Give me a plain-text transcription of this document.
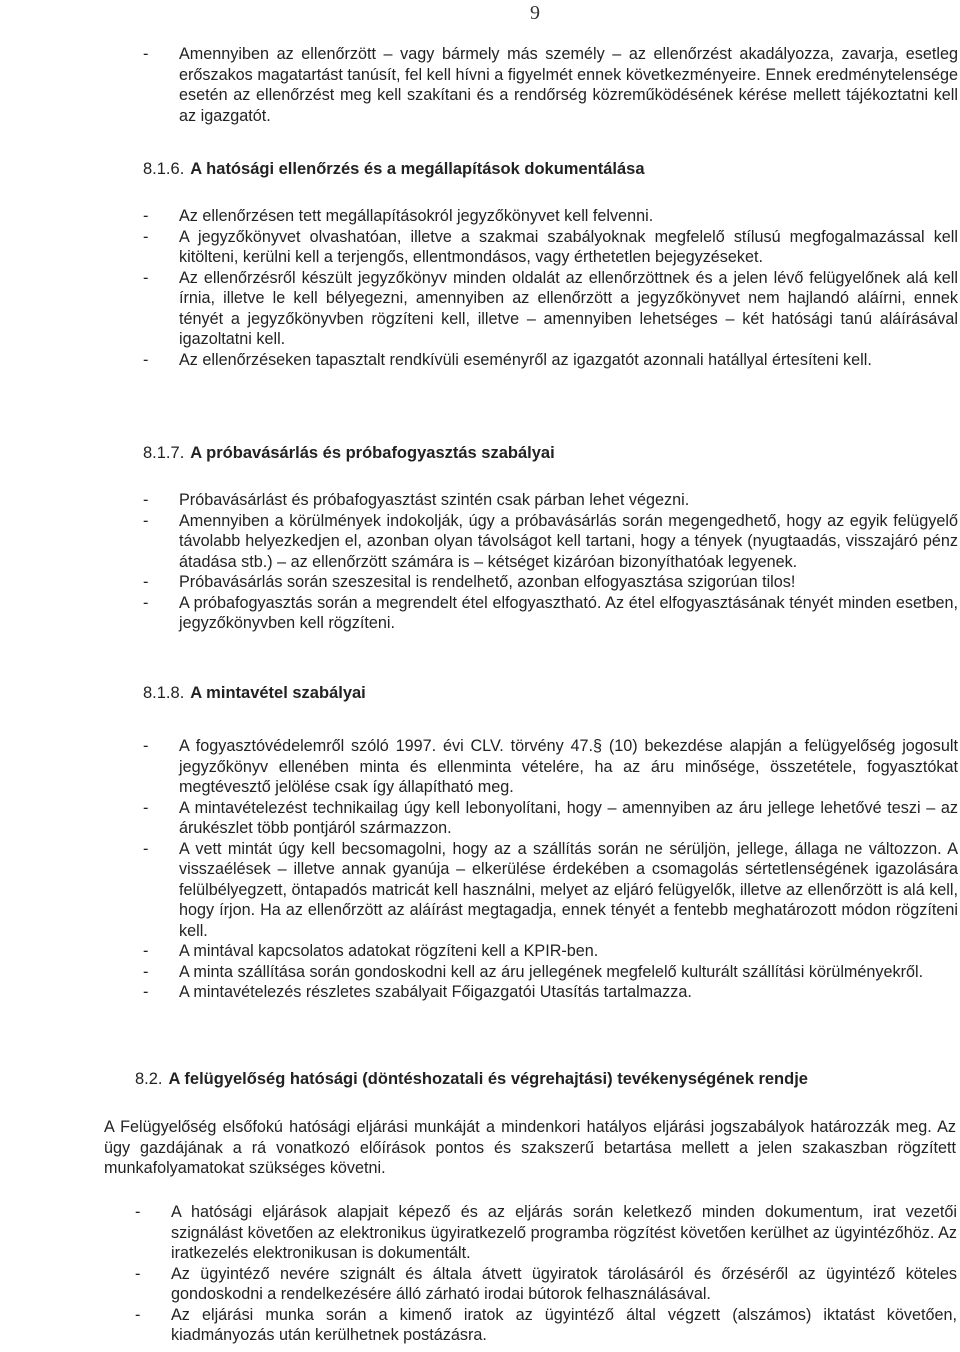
9
-	Amennyiben az ellenőrzött – vagy bármely más személy – az ellenőrzést akadályozza, zavarja, esetleg erőszakos magatartást tanúsít, fel kell hívni a figyelmét ennek következményeire. Ennek eredménytelensége esetén az ellenőrzést meg kell szakítani és a rendőrség közreműködésének kérése mellett tájékoztatni kell az igazgatót.
8.1.6. A hatósági ellenőrzés és a megállapítások dokumentálása
-	Az ellenőrzésen tett megállapításokról jegyzőkönyvet kell felvenni.
-	A jegyzőkönyvet olvashatóan, illetve a szakmai szabályoknak megfelelő stílusú megfogalmazással kell kitölteni, kerülni kell a terjengős, ellentmondásos, vagy érthetetlen bejegyzéseket.
-	Az ellenőrzésről készült jegyzőkönyv minden oldalát az ellenőrzöttnek és a jelen lévő felügyelőnek alá kell írnia, illetve le kell bélyegezni, amennyiben az ellenőrzött a jegyzőkönyvet nem hajlandó aláírni, ennek tényét a jegyzőkönyvben rögzíteni kell, illetve – amennyiben lehetséges – két hatósági tanú aláírásával igazoltatni kell.
-	Az ellenőrzéseken tapasztalt rendkívüli eseményről az igazgatót azonnali hatállyal értesíteni kell.
8.1.7. A próbavásárlás és próbafogyasztás szabályai
-	Próbavásárlást és próbafogyasztást szintén csak párban lehet végezni.
-	Amennyiben a körülmények indokolják, úgy a próbavásárlás során megengedhető, hogy az egyik felügyelő távolabb helyezkedjen el, azonban olyan távolságot kell tartani, hogy a tények (nyugtaadás, visszajáró pénz átadása stb.) – az ellenőrzött számára is – kétséget kizáróan bizonyíthatóak legyenek.
-	Próbavásárlás során szeszesital is rendelhető, azonban elfogyasztása szigorúan tilos!
-	A próbafogyasztás során a megrendelt étel elfogyasztható. Az étel elfogyasztásának tényét minden esetben, jegyzőkönyvben kell rögzíteni.
8.1.8. A mintavétel szabályai
-	A fogyasztóvédelemről szóló 1997. évi CLV. törvény 47.§ (10) bekezdése alapján a felügyelőség jogosult jegyzőkönyv ellenében minta és ellenminta vételére, ha az áru minősége, összetétele, fogyasztókat megtévesztő jelölése csak így állapítható meg.
-	A mintavételezést technikailag úgy kell lebonyolítani, hogy – amennyiben az áru jellege lehetővé teszi – az árukészlet több pontjáról származzon.
-	A vett mintát úgy kell becsomagolni, hogy az a szállítás során ne sérüljön, jellege, állaga ne változzon. A visszaélések – illetve annak gyanúja – elkerülése érdekében a csomagolás sértetlenségének igazolására felülbélyegzett, öntapadós matricát kell használni, melyet az eljáró felügyelők, illetve az ellenőrzött is alá kell, hogy írjon. Ha az ellenőrzött az aláírást megtagadja, ennek tényét a fentebb meghatározott módon rögzíteni kell.
-	A mintával kapcsolatos adatokat rögzíteni kell a KPIR-ben.
-	A minta szállítása során gondoskodni kell az áru jellegének megfelelő kulturált szállítási körülményekről.
-	A mintavételezés részletes szabályait Főigazgatói Utasítás tartalmazza.
8.2. A felügyelőség hatósági (döntéshozatali és végrehajtási) tevékenységének rendje
A Felügyelőség elsőfokú hatósági eljárási munkáját a mindenkori hatályos eljárási jogszabályok határozzák meg. Az ügy gazdájának a rá vonatkozó előírások pontos és szakszerű betartása mellett a jelen szakaszban rögzített munkafolyamatokat szükséges követni.
-	A hatósági eljárások alapjait képező és az eljárás során keletkező minden dokumentum, irat vezetői szignálást követően az elektronikus ügyiratkezelő programba rögzítést követően kerülhet az ügyintézőhöz. Az iratkezelés elektronikusan is dokumentált.
-	Az ügyintéző nevére szignált és általa átvett ügyiratok tárolásáról és őrzéséről az ügyintéző köteles gondoskodni a rendelkezésére álló zárható irodai bútorok felhasználásával.
-	Az eljárási munka során a kimenő iratok az ügyintéző által végzett (alszámos) iktatást követően, kiadmányozás után kerülhetnek postázásra.
